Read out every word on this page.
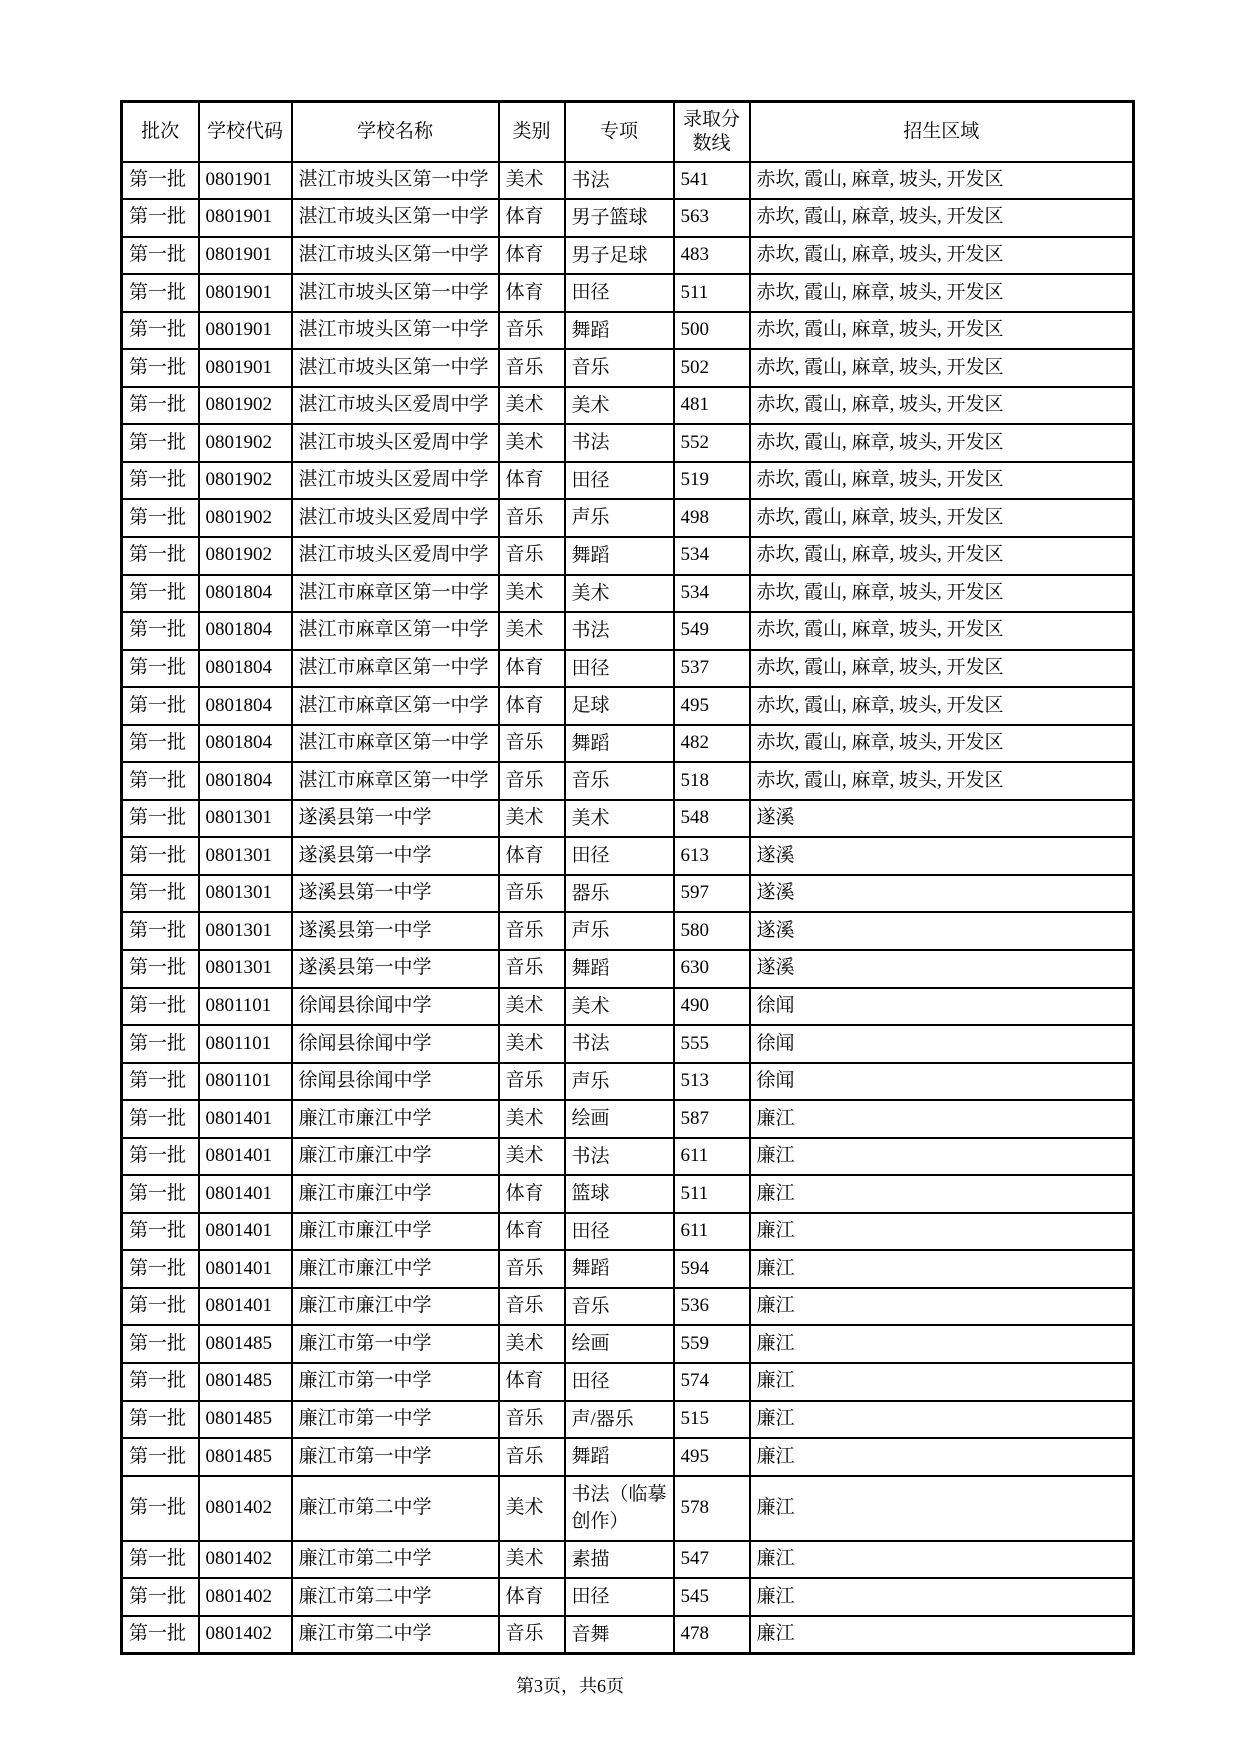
批次	学校代码	学校名称	类别	专项	录取分数线	招生区域
第一批	0801901	湛江市坡头区第一中学	美术	书法	541	赤坎, 霞山, 麻章, 坡头, 开发区
第一批	0801901	湛江市坡头区第一中学	体育	男子篮球	563	赤坎, 霞山, 麻章, 坡头, 开发区
第一批	0801901	湛江市坡头区第一中学	体育	男子足球	483	赤坎, 霞山, 麻章, 坡头, 开发区
第一批	0801901	湛江市坡头区第一中学	体育	田径	511	赤坎, 霞山, 麻章, 坡头, 开发区
第一批	0801901	湛江市坡头区第一中学	音乐	舞蹈	500	赤坎, 霞山, 麻章, 坡头, 开发区
第一批	0801901	湛江市坡头区第一中学	音乐	音乐	502	赤坎, 霞山, 麻章, 坡头, 开发区
第一批	0801902	湛江市坡头区爱周中学	美术	美术	481	赤坎, 霞山, 麻章, 坡头, 开发区
第一批	0801902	湛江市坡头区爱周中学	美术	书法	552	赤坎, 霞山, 麻章, 坡头, 开发区
第一批	0801902	湛江市坡头区爱周中学	体育	田径	519	赤坎, 霞山, 麻章, 坡头, 开发区
第一批	0801902	湛江市坡头区爱周中学	音乐	声乐	498	赤坎, 霞山, 麻章, 坡头, 开发区
第一批	0801902	湛江市坡头区爱周中学	音乐	舞蹈	534	赤坎, 霞山, 麻章, 坡头, 开发区
第一批	0801804	湛江市麻章区第一中学	美术	美术	534	赤坎, 霞山, 麻章, 坡头, 开发区
第一批	0801804	湛江市麻章区第一中学	美术	书法	549	赤坎, 霞山, 麻章, 坡头, 开发区
第一批	0801804	湛江市麻章区第一中学	体育	田径	537	赤坎, 霞山, 麻章, 坡头, 开发区
第一批	0801804	湛江市麻章区第一中学	体育	足球	495	赤坎, 霞山, 麻章, 坡头, 开发区
第一批	0801804	湛江市麻章区第一中学	音乐	舞蹈	482	赤坎, 霞山, 麻章, 坡头, 开发区
第一批	0801804	湛江市麻章区第一中学	音乐	音乐	518	赤坎, 霞山, 麻章, 坡头, 开发区
第一批	0801301	遂溪县第一中学	美术	美术	548	遂溪
第一批	0801301	遂溪县第一中学	体育	田径	613	遂溪
第一批	0801301	遂溪县第一中学	音乐	器乐	597	遂溪
第一批	0801301	遂溪县第一中学	音乐	声乐	580	遂溪
第一批	0801301	遂溪县第一中学	音乐	舞蹈	630	遂溪
第一批	0801101	徐闻县徐闻中学	美术	美术	490	徐闻
第一批	0801101	徐闻县徐闻中学	美术	书法	555	徐闻
第一批	0801101	徐闻县徐闻中学	音乐	声乐	513	徐闻
第一批	0801401	廉江市廉江中学	美术	绘画	587	廉江
第一批	0801401	廉江市廉江中学	美术	书法	611	廉江
第一批	0801401	廉江市廉江中学	体育	篮球	511	廉江
第一批	0801401	廉江市廉江中学	体育	田径	611	廉江
第一批	0801401	廉江市廉江中学	音乐	舞蹈	594	廉江
第一批	0801401	廉江市廉江中学	音乐	音乐	536	廉江
第一批	0801485	廉江市第一中学	美术	绘画	559	廉江
第一批	0801485	廉江市第一中学	体育	田径	574	廉江
第一批	0801485	廉江市第一中学	音乐	声/器乐	515	廉江
第一批	0801485	廉江市第一中学	音乐	舞蹈	495	廉江
第一批	0801402	廉江市第二中学	美术	书法（临摹创作）	578	廉江
第一批	0801402	廉江市第二中学	美术	素描	547	廉江
第一批	0801402	廉江市第二中学	体育	田径	545	廉江
第一批	0801402	廉江市第二中学	音乐	音舞	478	廉江
第3页，共6页
